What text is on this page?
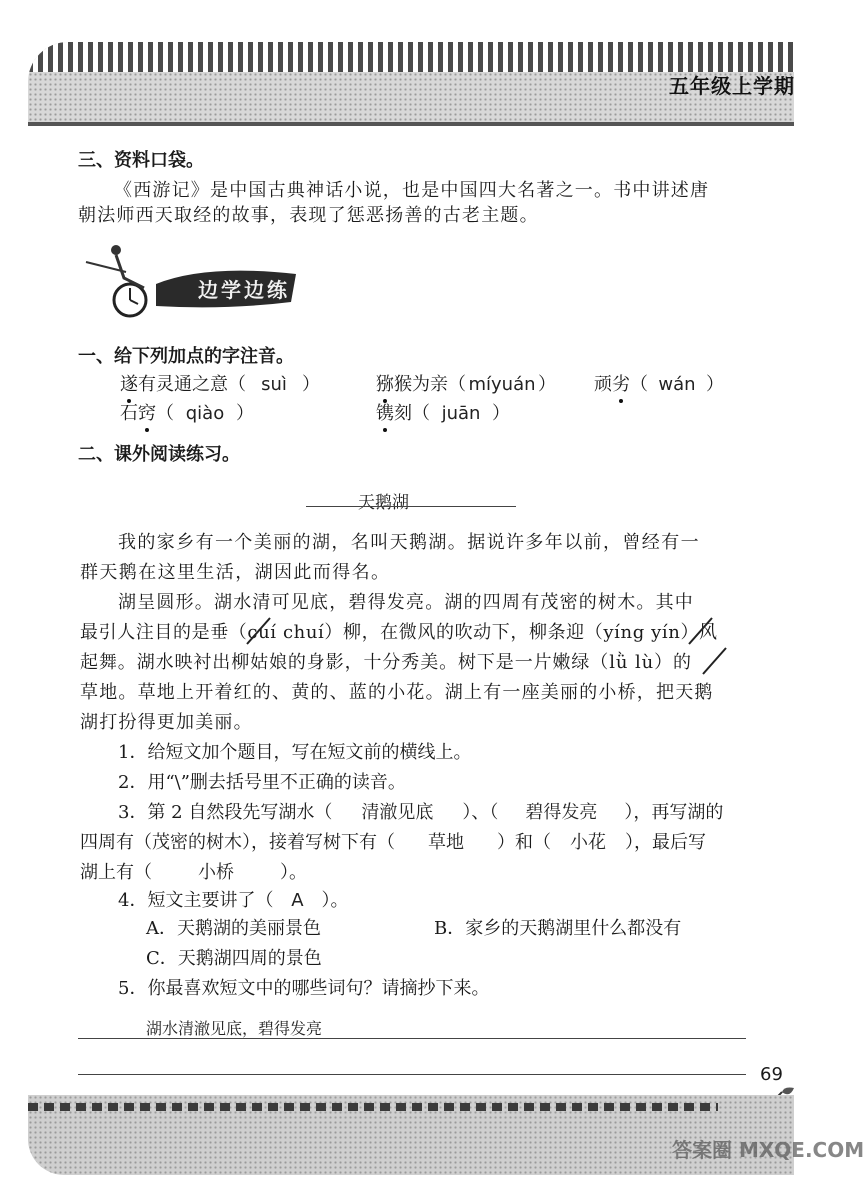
五年级上学期
三、资料口袋。
《西游记》是中国古典神话小说，也是中国四大名著之一。书中讲述唐
朝法师西天取经的故事，表现了惩恶扬善的古老主题。
边学边练
一、给下列加点的字注音。
遂有灵通之意（ suì ）	猕猴为亲（ míyuán ） 顽劣（ wán ）
石窍（ qiào ）	镌刻（ juān ）
二、课外阅读练习。
天鹅湖
我的家乡有一个美丽的湖，名叫天鹅湖。据说许多年以前，曾经有一
群天鹅在这里生活，湖因此而得名。
湖呈圆形。湖水清可见底，碧得发亮。湖的四周有茂密的树木。其中
最引人注目的是垂（cuí chuí）柳，在微风的吹动下，柳条迎（yíng yín）风
起舞。湖水映衬出柳姑娘的身影，十分秀美。树下是一片嫩绿（lǜ lù）的
草地。草地上开着红的、黄的、蓝的小花。湖上有一座美丽的小桥，把天鹅
湖打扮得更加美丽。
1．给短文加个题目，写在短文前的横线上。
2．用“\”删去括号里不正确的读音。
3．第 2 自然段先写湖水（ 清澈见底 ）、（ 碧得发亮 ），再写湖的
四周有（茂密的树木），接着写树下有（ 草地 ）和（ 小花 ），最后写
湖上有（	小桥	）。
4．短文主要讲了（ A ）。
A．天鹅湖的美丽景色	B．家乡的天鹅湖里什么都没有
C．天鹅湖四周的景色
5．你最喜欢短文中的哪些词句？请摘抄下来。
湖水清澈见底，碧得发亮
69
答案圈 MXQE.COM
